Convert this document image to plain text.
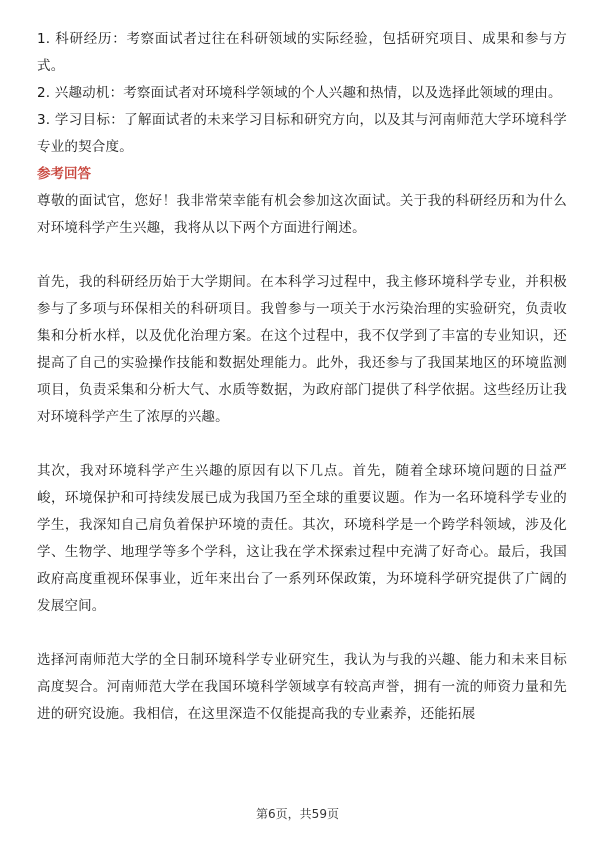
1. 科研经历：考察面试者过往在科研领域的实际经验，包括研究项目、成果和参与方式。

2. 兴趣动机：考察面试者对环境科学领域的个人兴趣和热情，以及选择此领域的理由。

3. 学习目标：了解面试者的未来学习目标和研究方向，以及其与河南师范大学环境科学专业的契合度。

参考回答

尊敬的面试官，您好！我非常荣幸能有机会参加这次面试。关于我的科研经历和为什么对环境科学产生兴趣，我将从以下两个方面进行阐述。

首先，我的科研经历始于大学期间。在本科学习过程中，我主修环境科学专业，并积极参与了多项与环保相关的科研项目。我曾参与一项关于水污染治理的实验研究，负责收集和分析水样，以及优化治理方案。在这个过程中，我不仅学到了丰富的专业知识，还提高了自己的实验操作技能和数据处理能力。此外，我还参与了我国某地区的环境监测项目，负责采集和分析大气、水质等数据，为政府部门提供了科学依据。这些经历让我对环境科学产生了浓厚的兴趣。

其次，我对环境科学产生兴趣的原因有以下几点。首先，随着全球环境问题的日益严峻，环境保护和可持续发展已成为我国乃至全球的重要议题。作为一名环境科学专业的学生，我深知自己肩负着保护环境的责任。其次，环境科学是一个跨学科领域，涉及化学、生物学、地理学等多个学科，这让我在学术探索过程中充满了好奇心。最后，我国政府高度重视环保事业，近年来出台了一系列环保政策，为环境科学研究提供了广阔的发展空间。

选择河南师范大学的全日制环境科学专业研究生，我认为与我的兴趣、能力和未来目标高度契合。河南师范大学在我国环境科学领域享有较高声誉，拥有一流的师资力量和先进的研究设施。我相信，在这里深造不仅能提高我的专业素养，还能拓展

第6页，共59页
